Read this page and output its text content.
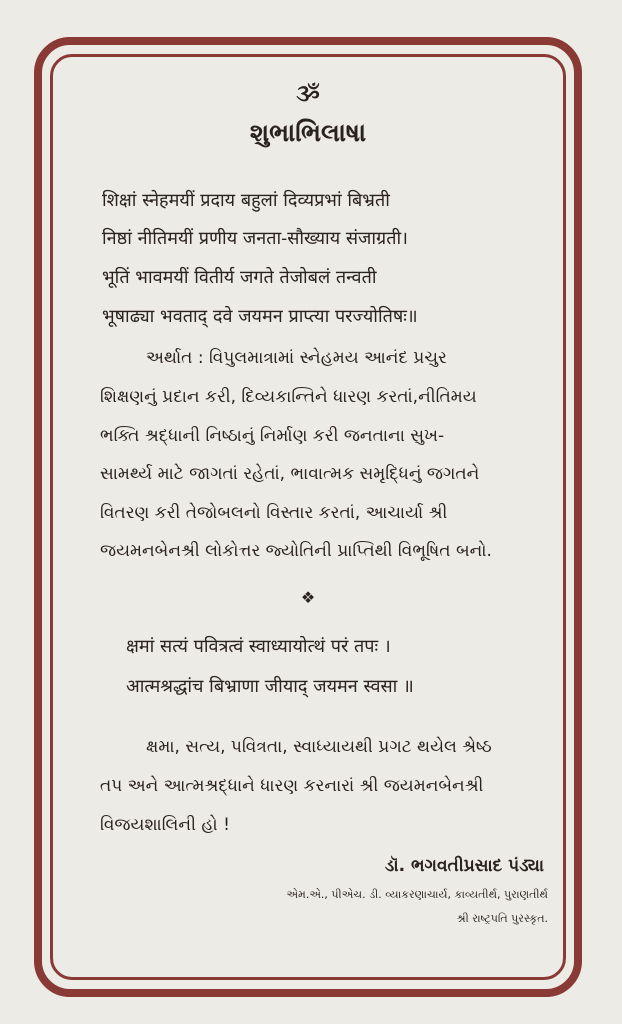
ૐ
શુભાભિલાષા
शिक्षां स्नेहमयीं प्रदाय बहुलां दिव्यप्रभां बिभ्रती
निष्ठां नीतिमयीं प्रणीय जनता-सौख्याय संजाग्रती।
भूतिं भावमयीं वितीर्य जगते तेजोबलं तन्वती
भूषाढ्या भवताद् दवे जयमन प्राप्त्या परज्योतिषः॥
અર્થાત : વિપુલમાત્રામાં સ્નેહમય આનંદ પ્રચુર
શિક્ષણનું પ્રદાન કરી, દિવ્યકાન્તિને ધારણ કરતાં,નીતિમય
ભક્તિ શ્રદ્ધાની નિષ્ઠાનું નિર્માણ કરી જનતાના સુખ-
સામર્થ્ય માટે જાગતાં રહેતાં, ભાવાત્મક સમૃદ્ધિનું જગતને
વિતરણ કરી તેજોબલનો વિસ્તાર કરતાં, આચાર્યા શ્રી
જયમનબેનશ્રી લોકોત્તર જ્યોતિની પ્રાપ્તિથી વિભૂષિત બનો.
❖
क्षमां सत्यं पवित्रत्वं स्वाध्यायोत्थं परं तपः ।
आत्मश्रद्धांच बिभ्राणा जीयाद् जयमन स्वसा ॥
ક્ષમા, સત્ય, પવિત્રતા, સ્વાધ્યાયથી પ્રગટ થયેલ શ્રેષ્ઠ
તપ અને આત્મશ્રદ્ધાને ધારણ કરનારાં શ્રી જયમનબેનશ્રી
વિજયશાલિની હો !
ડૉ. ભગવતીપ્રસાદ પંડ્યા
એમ.એ., પીએચ. ડી. વ્યાકરણાચાર્ય, કાવ્યતીર્થ, પુરાણતીર્થ
શ્રી રાષ્ટ્રપતિ પુરસ્કૃત.
